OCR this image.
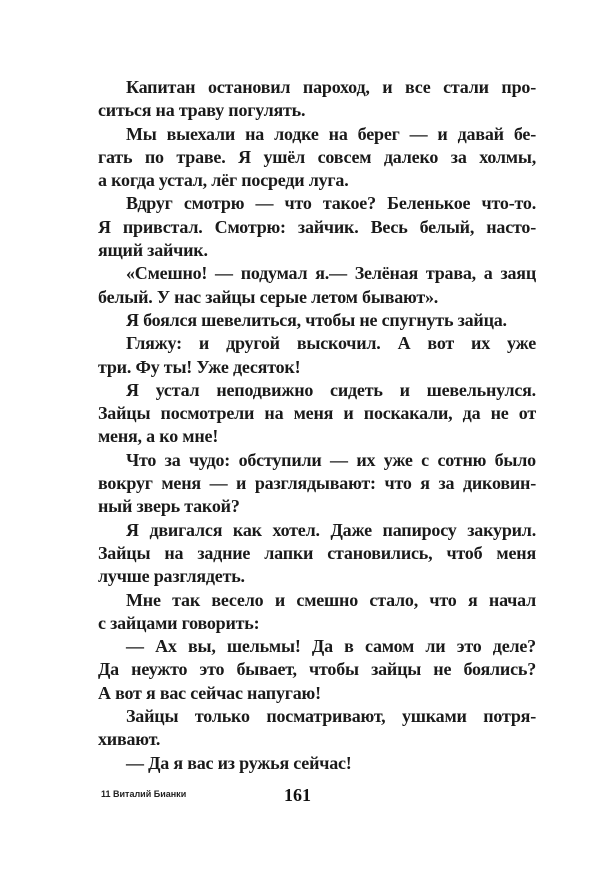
Капитан остановил пароход, и все стали про-
ситься на траву погулять.
Мы выехали на лодке на берег — и давай бе-
гать по траве. Я ушёл совсем далеко за холмы,
а когда устал, лёг посреди луга.
Вдруг смотрю — что такое? Беленькое что-то.
Я привстал. Смотрю: зайчик. Весь белый, насто-
ящий зайчик.
«Смешно! — подумал я.— Зелёная трава, а заяц
белый. У нас зайцы серые летом бывают».
Я боялся шевелиться, чтобы не спугнуть зайца.
Гляжу: и другой выскочил. А вот их уже
три. Фу ты! Уже десяток!
Я устал неподвижно сидеть и шевельнулся.
Зайцы посмотрели на меня и поскакали, да не от
меня, а ко мне!
Что за чудо: обступили — их уже с сотню было
вокруг меня — и разглядывают: что я за диковин-
ный зверь такой?
Я двигался как хотел. Даже папиросу закурил.
Зайцы на задние лапки становились, чтоб меня
лучше разглядеть.
Мне так весело и смешно стало, что я начал
с зайцами говорить:
— Ах вы, шельмы! Да в самом ли это деле?
Да неужто это бывает, чтобы зайцы не боялись?
А вот я вас сейчас напугаю!
Зайцы только посматривают, ушками потря-
хивают.
— Да я вас из ружья сейчас!
11 Виталий Бианки	161
